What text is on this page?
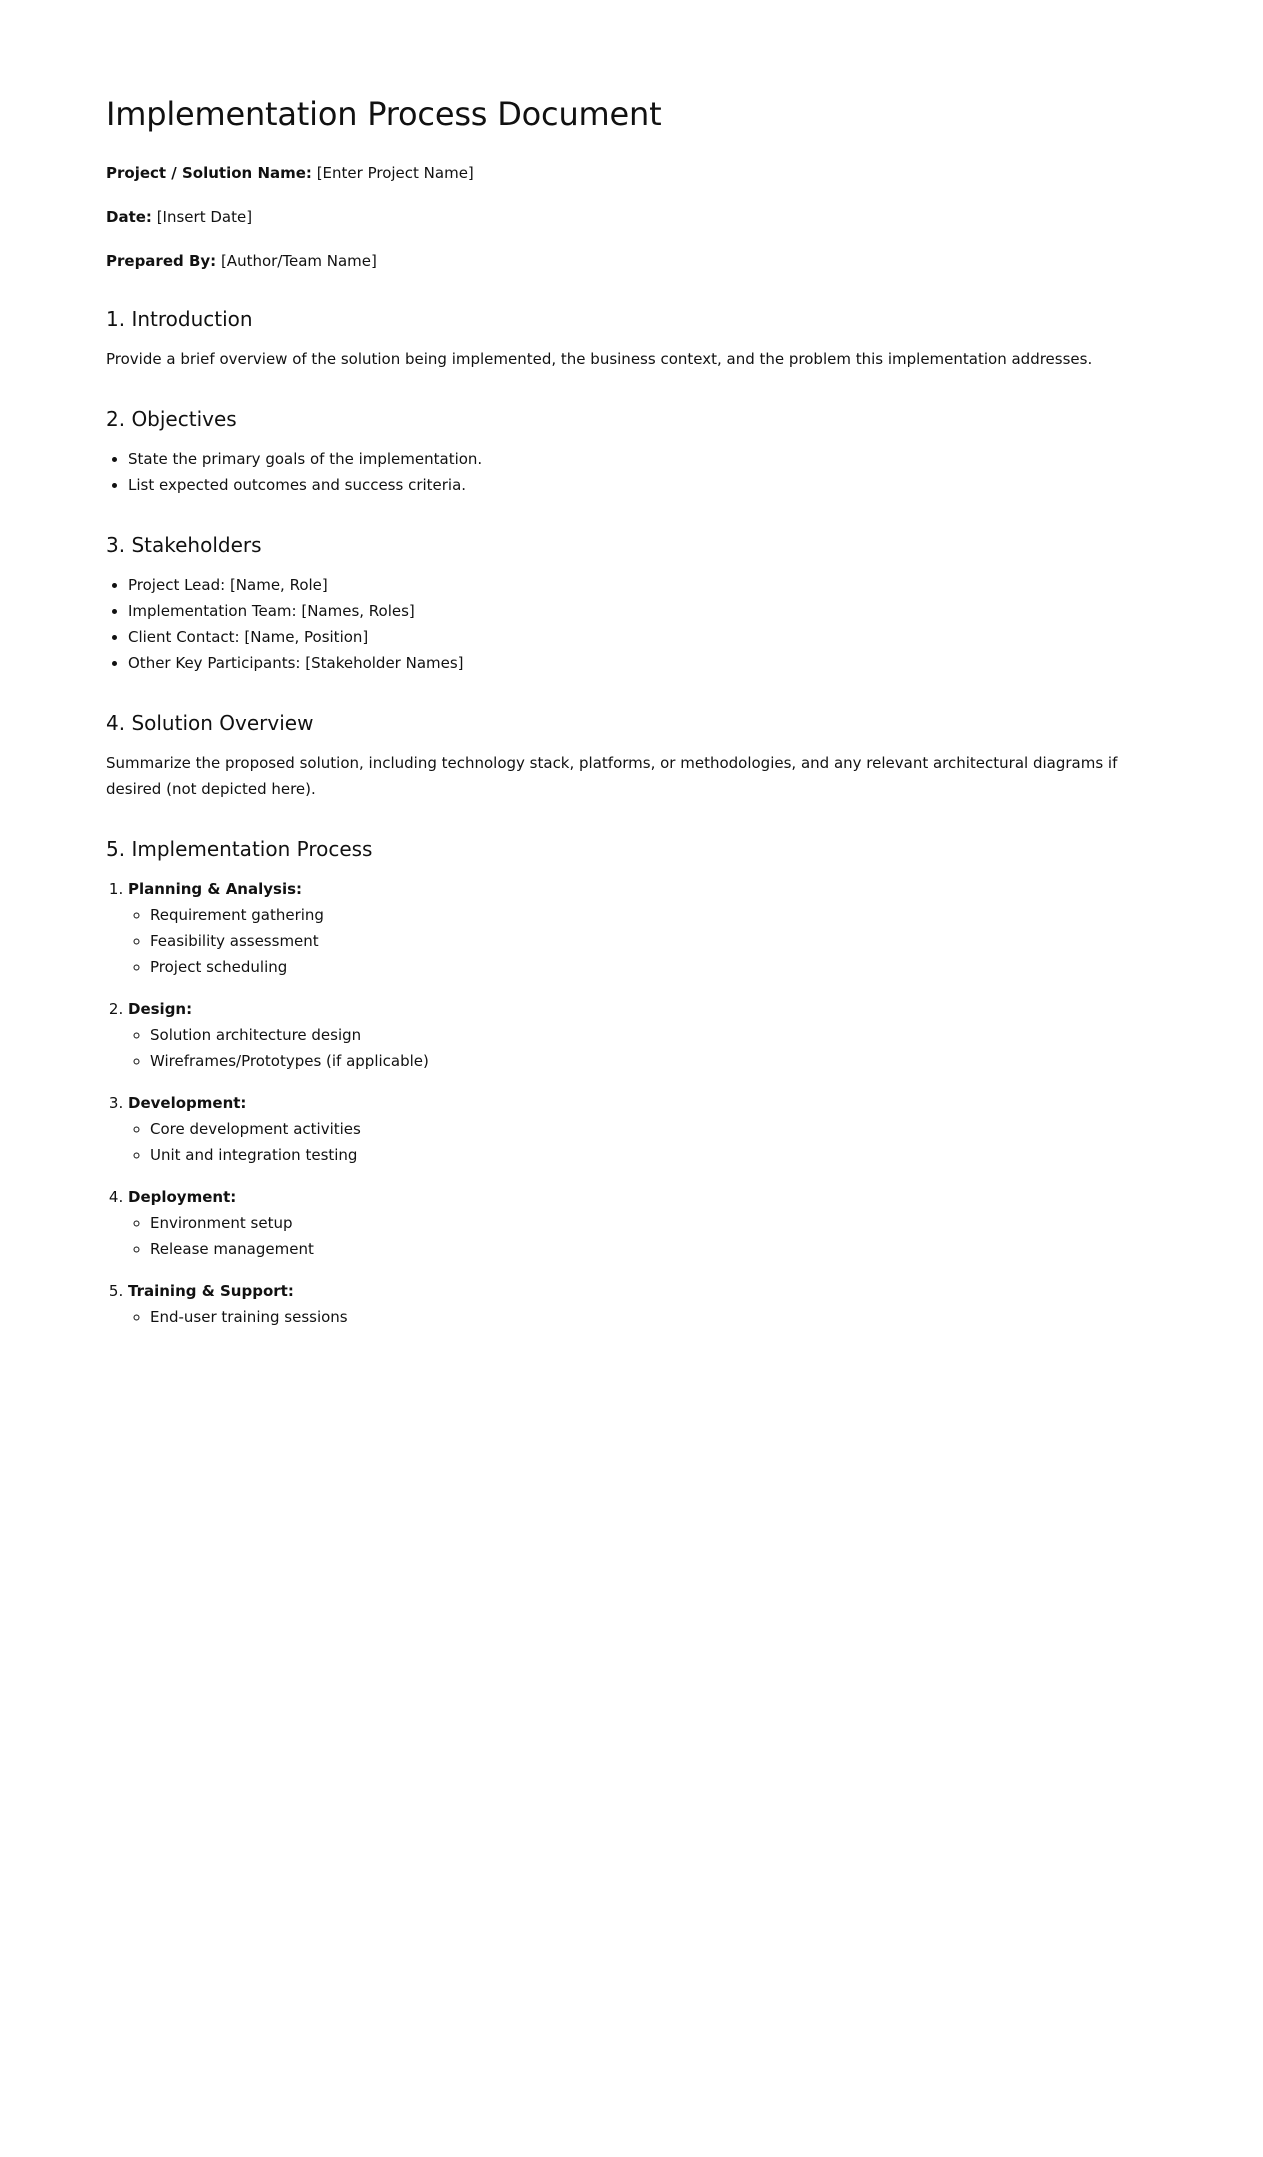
Implementation Process Document

Project / Solution Name: [Enter Project Name]

Date: [Insert Date]

Prepared By: [Author/Team Name]

1. Introduction

Provide a brief overview of the solution being implemented, the business context, and the problem this implementation addresses.

2. Objectives
• State the primary goals of the implementation.
• List expected outcomes and success criteria.
3. Stakeholders
• Project Lead: [Name, Role]
• Implementation Team: [Names, Roles]
• Client Contact: [Name, Position]
• Other Key Participants: [Stakeholder Names]
4. Solution Overview

Summarize the proposed solution, including technology stack, platforms, or methodologies, and any relevant architectural diagrams if desired (not depicted here).

5. Implementation Process
1. Planning & Analysis:
◦ Requirement gathering
◦ Feasibility assessment
◦ Project scheduling
2. Design:
◦ Solution architecture design
◦ Wireframes/Prototypes (if applicable)
3. Development:
◦ Core development activities
◦ Unit and integration testing
4. Deployment:
◦ Environment setup
◦ Release management
5. Training & Support:
◦ End-user training sessions
